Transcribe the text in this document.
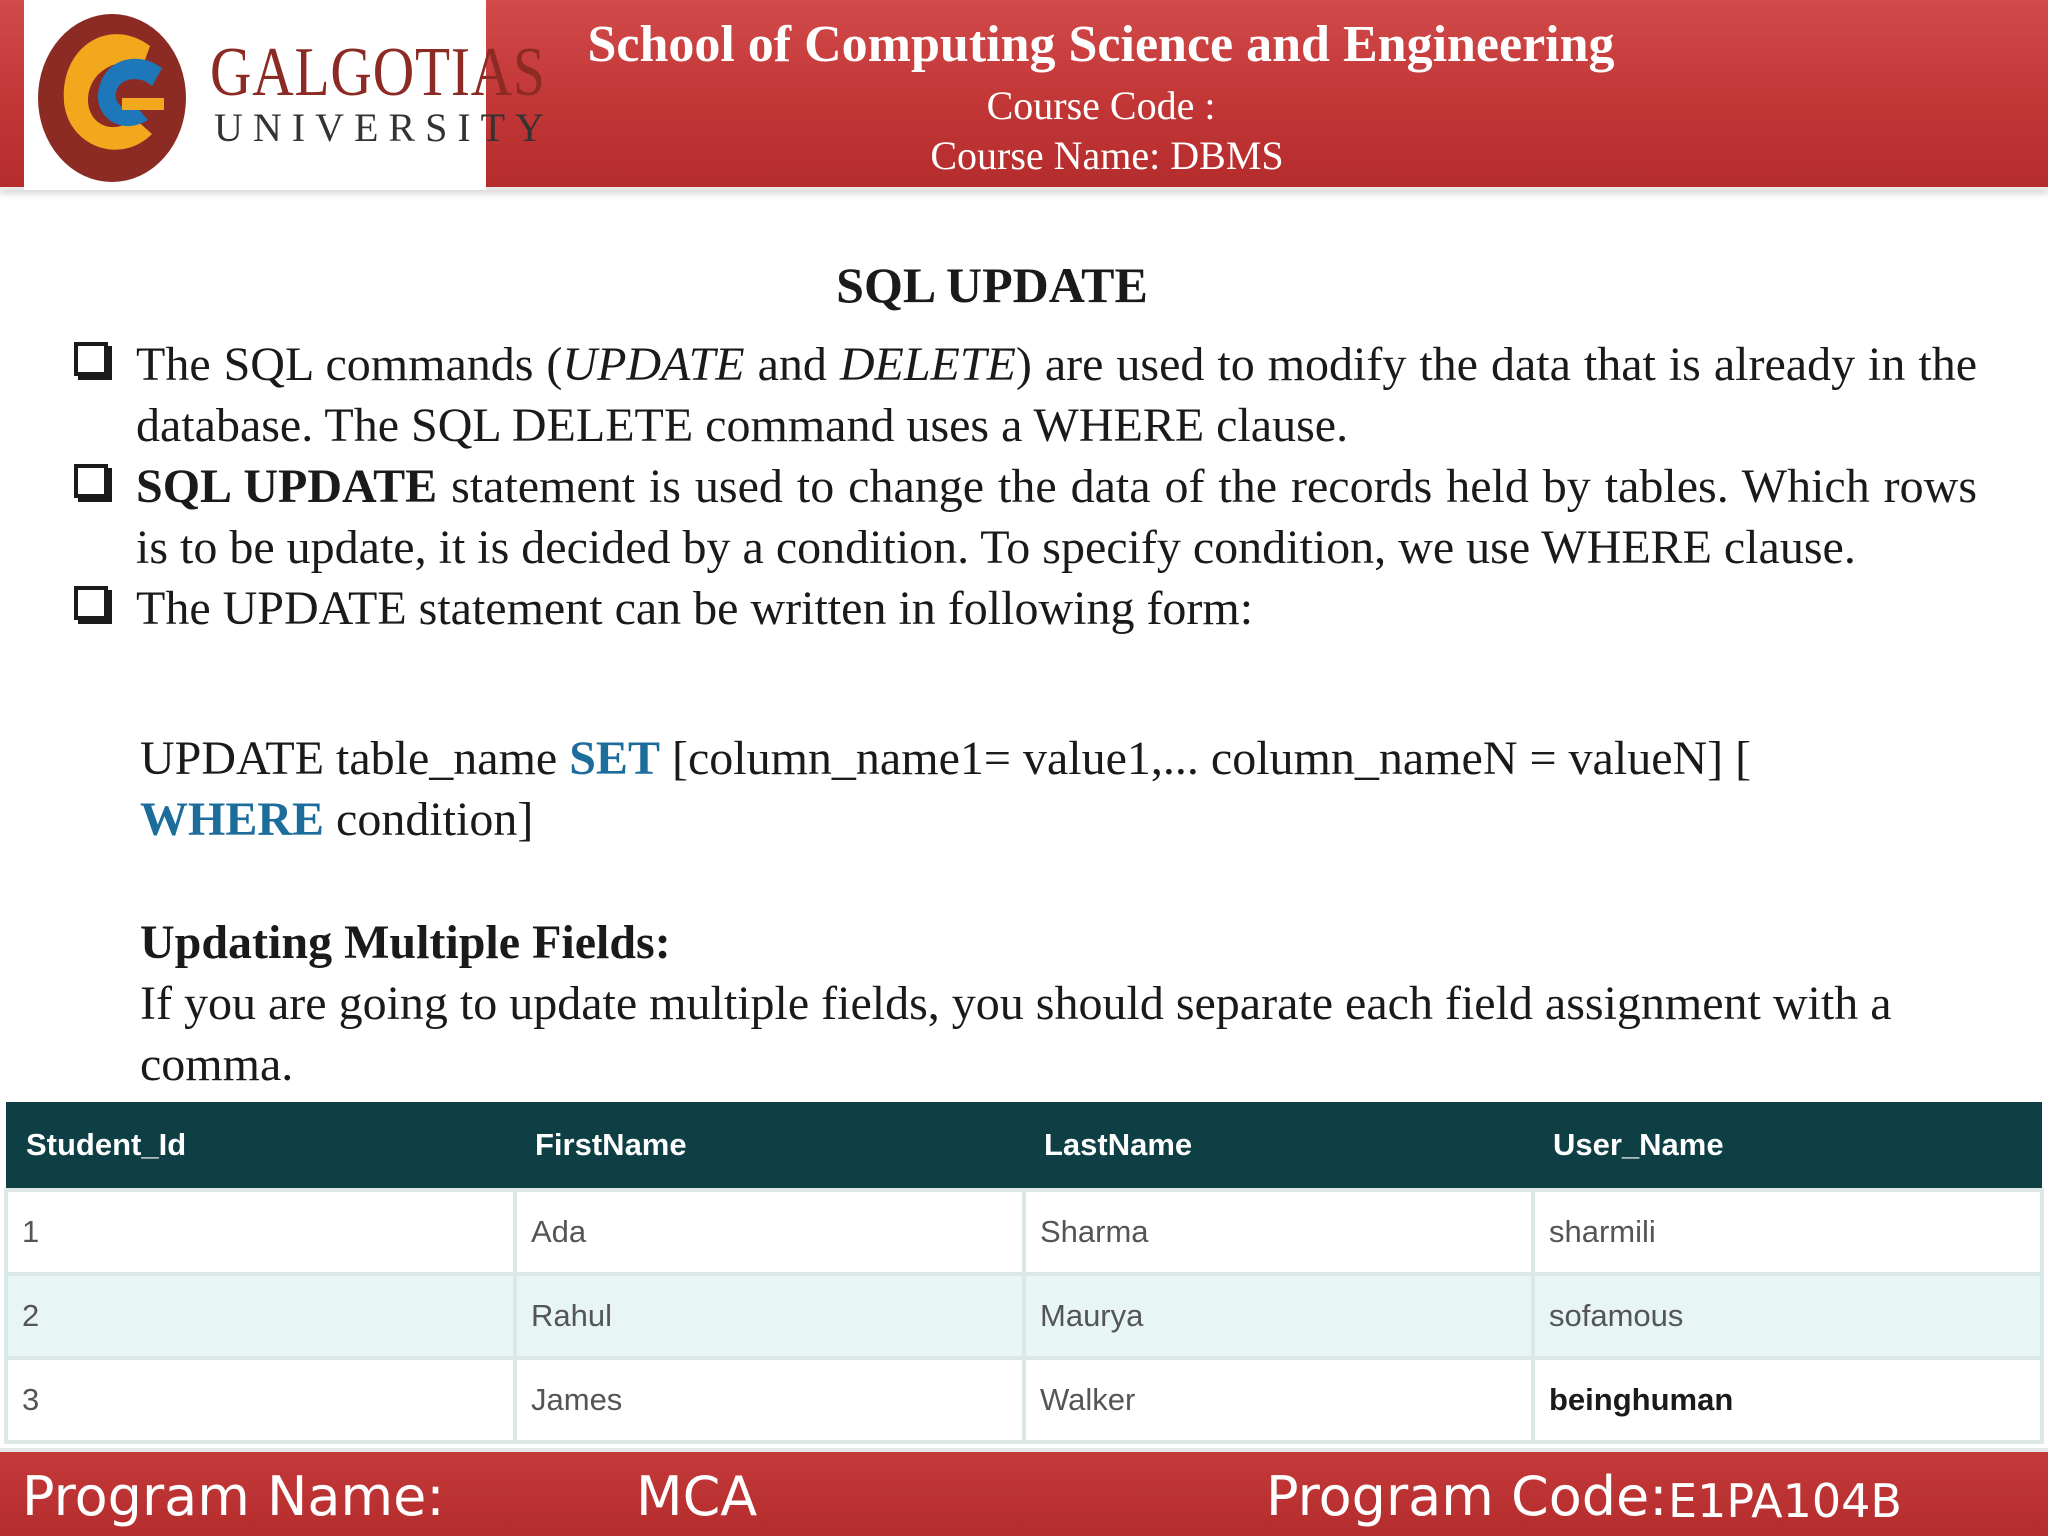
GALGOTIAS
UNIVERSITY
School of Computing Science and Engineering
Course Code :
Course Name: DBMS
SQL UPDATE
The SQL commands (UPDATE and DELETE) are used to modify the data that is already in the database. The SQL DELETE command uses a WHERE clause.
SQL UPDATE statement is used to change the data of the records held by tables. Which rows is to be update, it is decided by a condition. To specify condition, we use WHERE clause.
The UPDATE statement can be written in following form:
UPDATE table_name SET [column_name1= value1,... column_nameN = valueN] [
WHERE condition]
Updating Multiple Fields:
If you are going to update multiple fields, you should separate each field assignment with a comma.
Student_Id	FirstName	LastName	User_Name
1	Ada	Sharma	sharmili
2	Rahul	Maurya	sofamous
3	James	Walker	beinghuman
Program Name:	MCA	Program Code: E1PA104B
